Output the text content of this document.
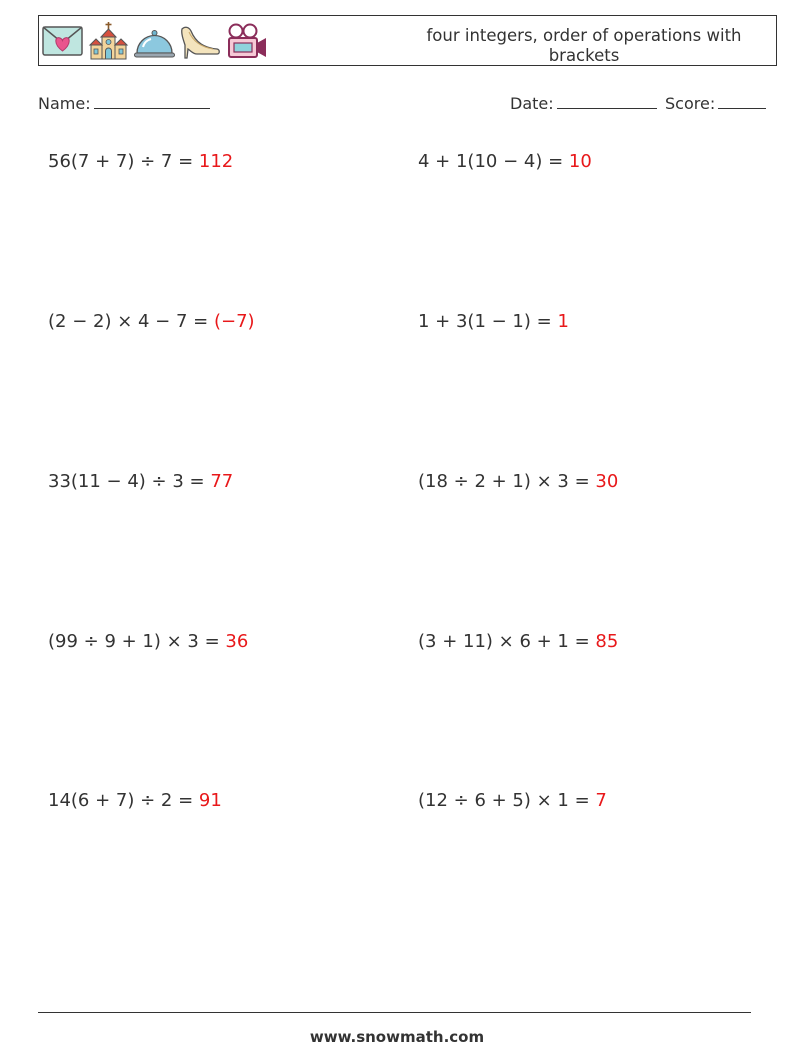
four integers, order of operations with brackets
Name:	Date:	Score:
56(7 + 7) ÷ 7 = 112	4 + 1(10 − 4) = 10
(2 − 2) × 4 − 7 = (−7)	1 + 3(1 − 1) = 1
33(11 − 4) ÷ 3 = 77	(18 ÷ 2 + 1) × 3 = 30
(99 ÷ 9 + 1) × 3 = 36	(3 + 11) × 6 + 1 = 85
14(6 + 7) ÷ 2 = 91	(12 ÷ 6 + 5) × 1 = 7
www.snowmath.com
